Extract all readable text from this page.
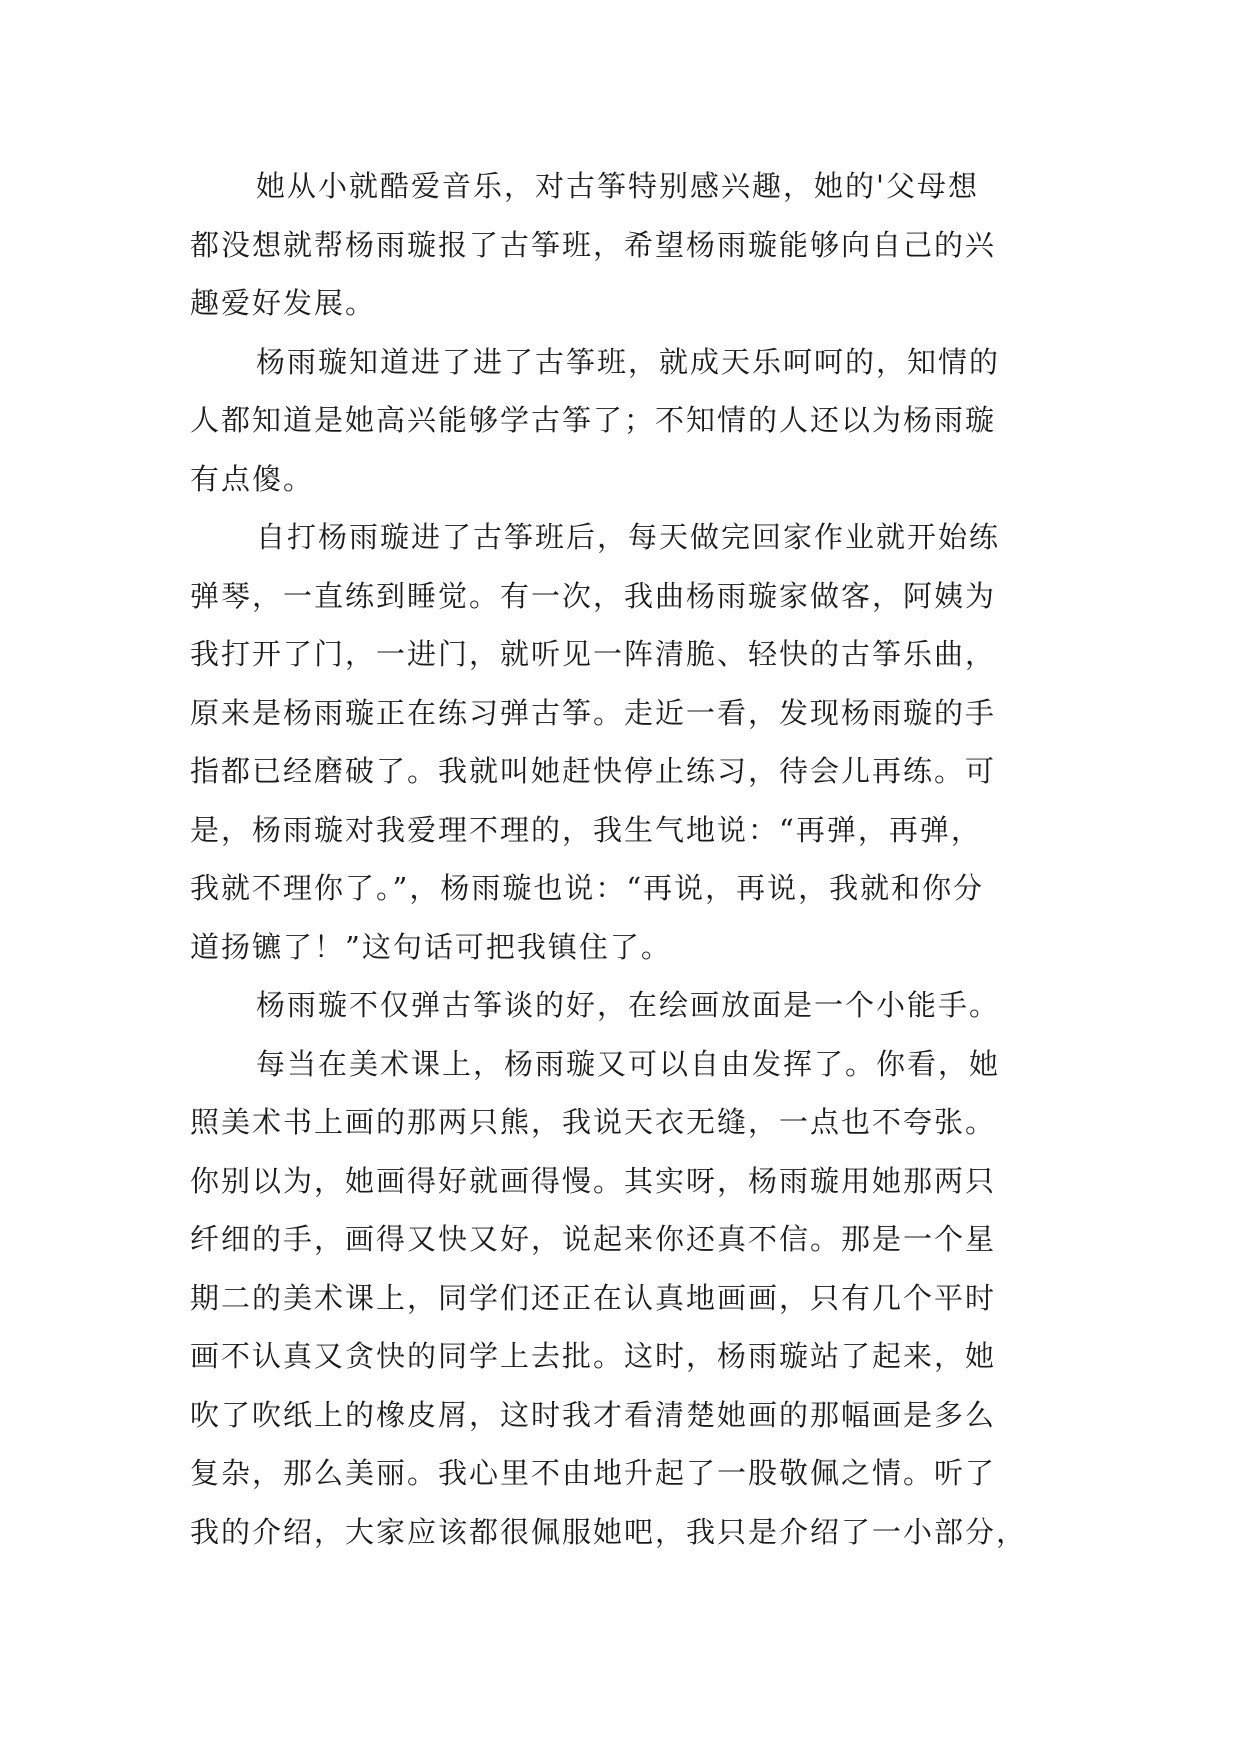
她从小就酷爱音乐，对古筝特别感兴趣，她的'父母想
都没想就帮杨雨璇报了古筝班，希望杨雨璇能够向自己的兴
趣爱好发展。
杨雨璇知道进了进了古筝班，就成天乐呵呵的，知情的
人都知道是她高兴能够学古筝了；不知情的人还以为杨雨璇
有点傻。
自打杨雨璇进了古筝班后，每天做完回家作业就开始练
弹琴，一直练到睡觉。有一次，我曲杨雨璇家做客，阿姨为
我打开了门，一进门，就听见一阵清脆、轻快的古筝乐曲，
原来是杨雨璇正在练习弹古筝。走近一看，发现杨雨璇的手
指都已经磨破了。我就叫她赶快停止练习，待会儿再练。可
是，杨雨璇对我爱理不理的，我生气地说：“再弹，再弹，
我就不理你了。”，杨雨璇也说：“再说，再说，我就和你分
道扬镳了！”这句话可把我镇住了。
杨雨璇不仅弹古筝谈的好，在绘画放面是一个小能手。
每当在美术课上，杨雨璇又可以自由发挥了。你看，她
照美术书上画的那两只熊，我说天衣无缝，一点也不夸张。
你别以为，她画得好就画得慢。其实呀，杨雨璇用她那两只
纤细的手，画得又快又好，说起来你还真不信。那是一个星
期二的美术课上，同学们还正在认真地画画，只有几个平时
画不认真又贪快的同学上去批。这时，杨雨璇站了起来，她
吹了吹纸上的橡皮屑，这时我才看清楚她画的那幅画是多么
复杂，那么美丽。我心里不由地升起了一股敬佩之情。听了
我的介绍，大家应该都很佩服她吧，我只是介绍了一小部分，
